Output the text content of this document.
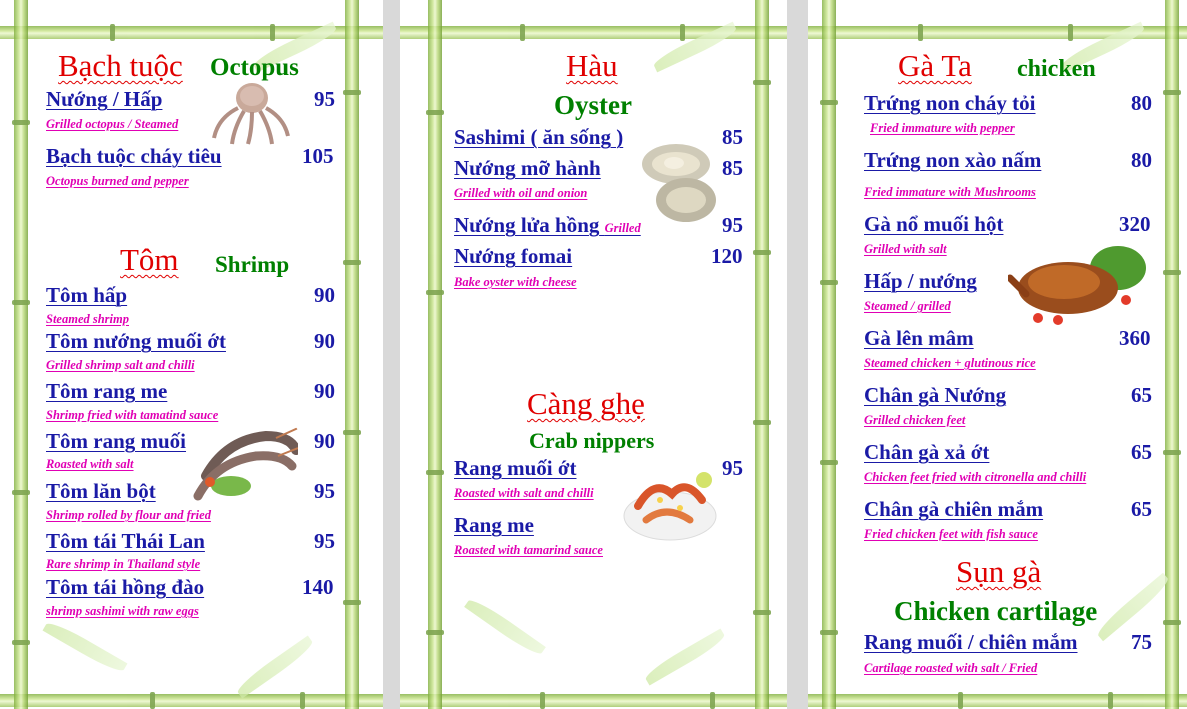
Bạch tuộc Octopus
Nướng / Hấp	95
Grilled octopus / Steamed
Bạch tuộc cháy tiêu	105
Octopus burned and pepper
Tôm Shrimp
Tôm hấp	90
Steamed shrimp
Tôm nướng muối ớt	90
Grilled shrimp salt and chilli
Tôm rang me	90
Shrimp fried with tamatind sauce
Tôm rang muối	90
Roasted with salt
Tôm lăn bột	95
Shrimp rolled by flour and fried
Tôm tái Thái Lan	95
Rare shrimp in Thailand style
Tôm tái hồng đào	140
shrimp sashimi with raw eggs
Hàu
Oyster
Sashimi ( ăn sống )	85
Nướng mỡ hành	85
Grilled with oil and onion
Nướng lửa hồng Grilled	95
Nướng fomai	120
Bake oyster with cheese
Càng ghẹ
Crab nippers
Rang muối ớt	95
Roasted with salt and chilli
Rang me
Roasted with tamarind sauce
Gà Ta chicken
Trứng non cháy tỏi	80
Fried immature with pepper
Trứng non xào nấm	80
Fried immature with Mushrooms
Gà nổ muối hột	320
Grilled with salt
Hấp / nướng
Steamed / grilled
Gà lên mâm	360
Steamed chicken + glutinous rice
Chân gà Nướng	65
Grilled chicken feet
Chân gà xả ớt	65
Chicken feet fried with citronella and chilli
Chân gà chiên mắm	65
Fried chicken feet with fish sauce
Sụn gà
Chicken cartilage
Rang muối / chiên mắm	75
Cartilage roasted with salt / Fried
